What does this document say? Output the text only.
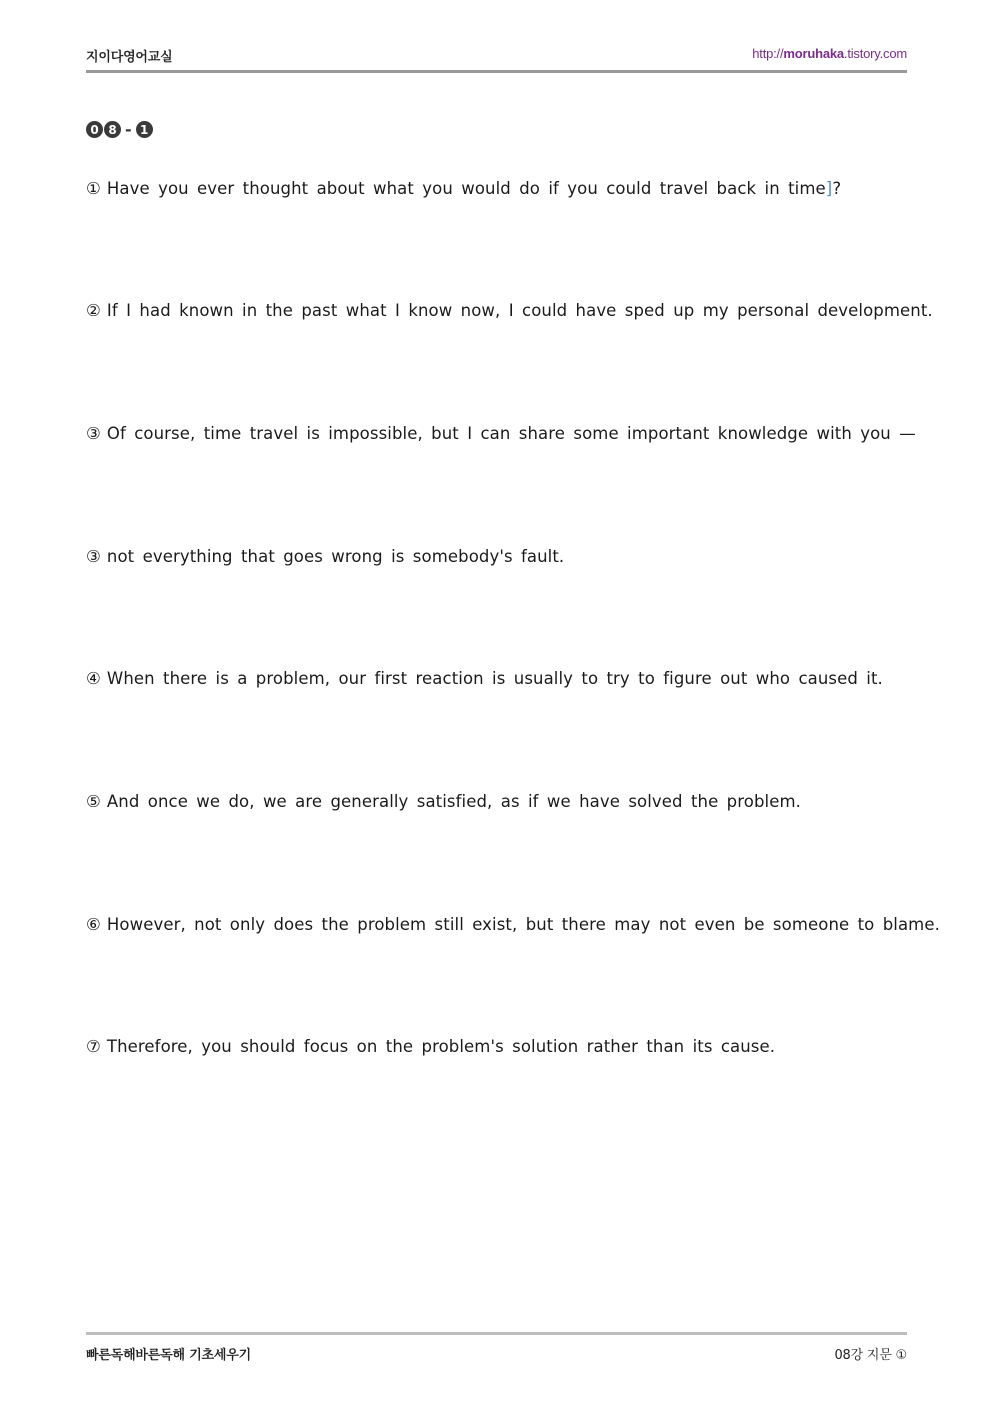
지이다영어교실	http://moruhaka.tistory.com
0 8 - 1
① Have you ever thought about what you would do if you could travel back in time]?
② If I had known in the past what I know now, I could have sped up my personal development.
③ Of course, time travel is impossible, but I can share some important knowledge with you —
③ not everything that goes wrong is somebody's fault.
④ When there is a problem, our first reaction is usually to try to figure out who caused it.
⑤ And once we do, we are generally satisfied, as if we have solved the problem.
⑥ However, not only does the problem still exist, but there may not even be someone to blame.
⑦ Therefore, you should focus on the problem's solution rather than its cause.
빠른독해바른독해 기초세우기	08강 지문 ①
